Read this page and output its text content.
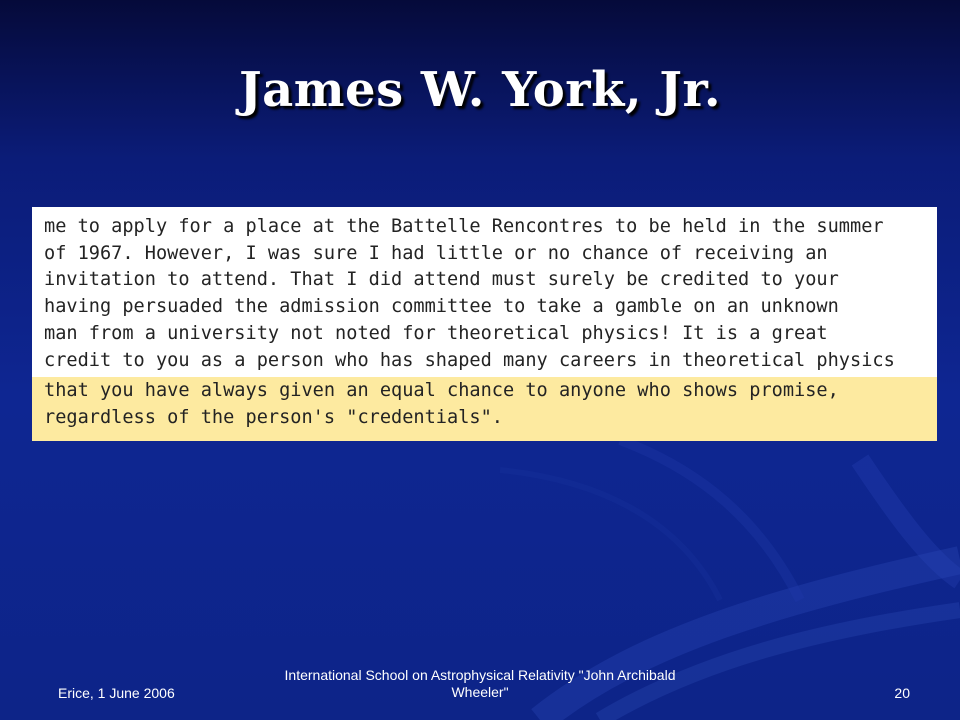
James W. York, Jr.
me to apply for a place at the Battelle Rencontres to be held in the summer
of 1967. However, I was sure I had little or no chance of receiving an
invitation to attend. That I did attend must surely be credited to your
having persuaded the admission committee to take a gamble on an unknown
man from a university not noted for theoretical physics! It is a great
credit to you as a person who has shaped many careers in theoretical physics
that you have always given an equal chance to anyone who shows promise,
regardless of the person's "credentials".
Erice, 1 June 2006
International School on Astrophysical Relativity "John Archibald Wheeler"	20
